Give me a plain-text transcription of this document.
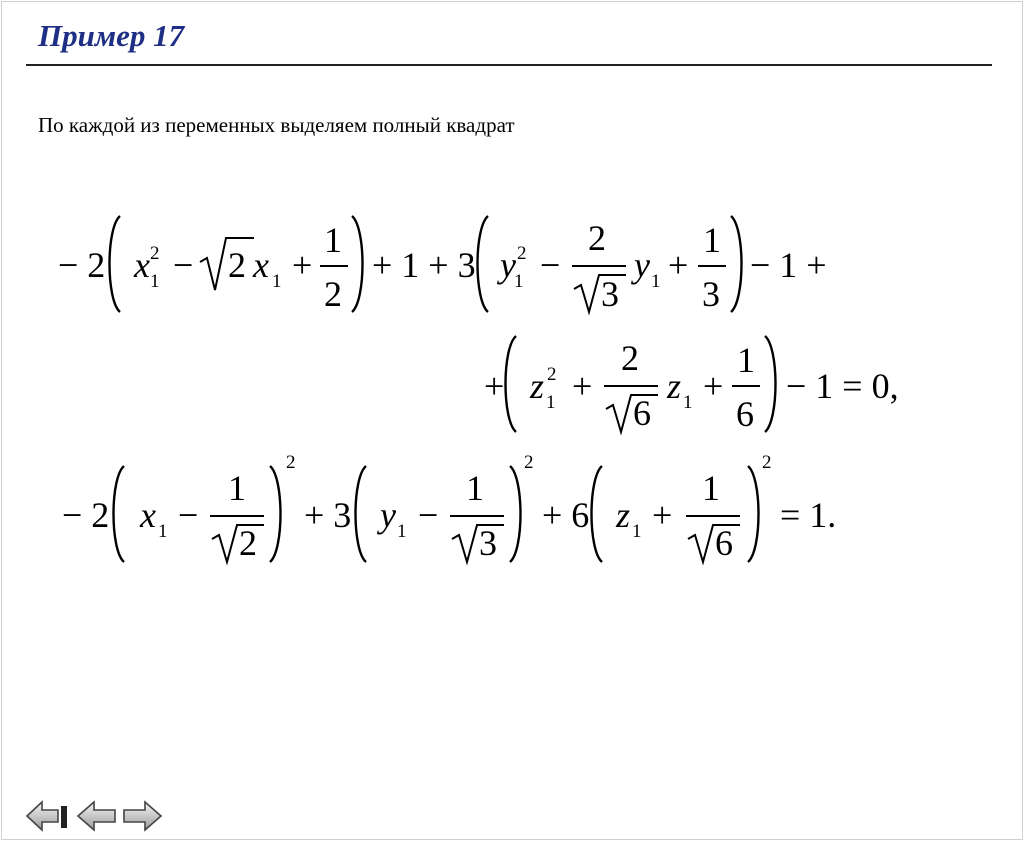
Пример 17
По каждой из переменных выделяем полный квадрат
− 2 x 2
1 − 2 x 1 +
1
2
+ 1 + 3 y 2
1 −
2
3
y 1 +
1
3
− 1 +
+ z 2
1 +
2
6
z 1 +
1
6
− 1 = 0,
− 2 x 1 −
1
2
2
+ 3 y 1 −
1
3
2
+ 6 z 1 +
1
6
2
= 1.
